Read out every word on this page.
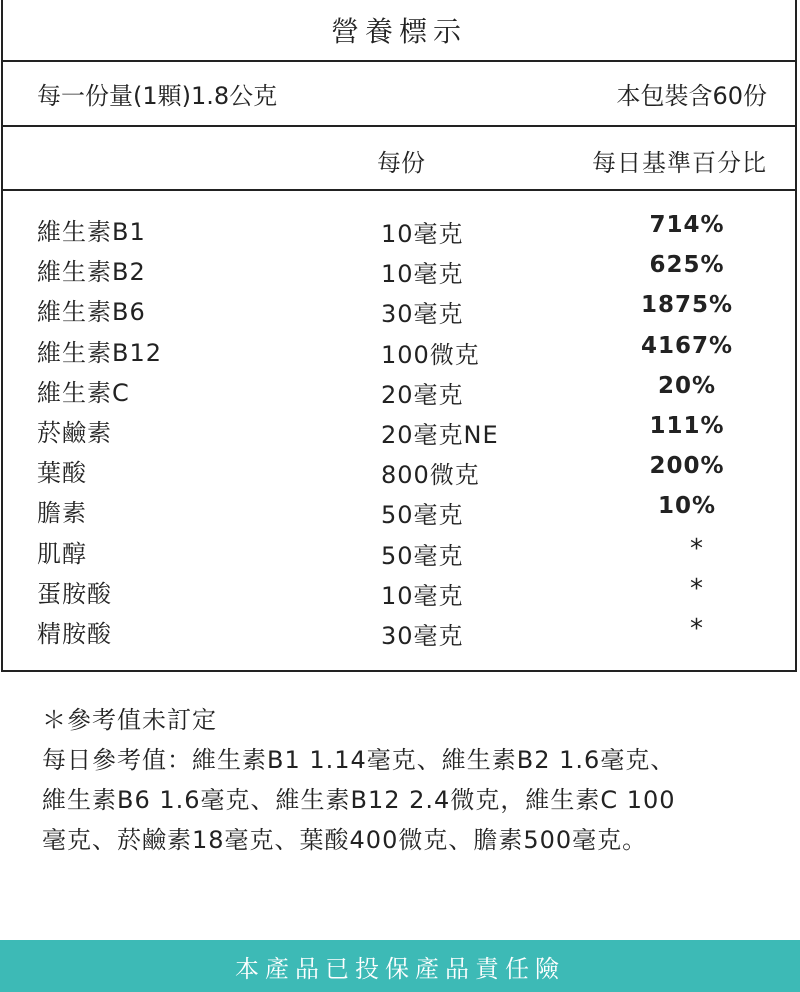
營養標示
每一份量(1顆)1.8公克	本包裝含60份
每份	每日基準百分比
維生素B1	10毫克	714%
維生素B2	10毫克	625%
維生素B6	30毫克	1875%
維生素B12	100微克	4167%
維生素C	20毫克	20%
菸鹼素	20毫克NE	111%
葉酸	800微克	200%
膽素	50毫克	10%
肌醇	50毫克	*
蛋胺酸	10毫克	*
精胺酸	30毫克	*

＊參考值未訂定

每日參考值：維生素B1 1.14毫克、維生素B2 1.6毫克、

維生素B6 1.6毫克、維生素B12 2.4微克，維生素C 100

毫克、菸鹼素18毫克、葉酸400微克、膽素500毫克。

本產品已投保產品責任險
